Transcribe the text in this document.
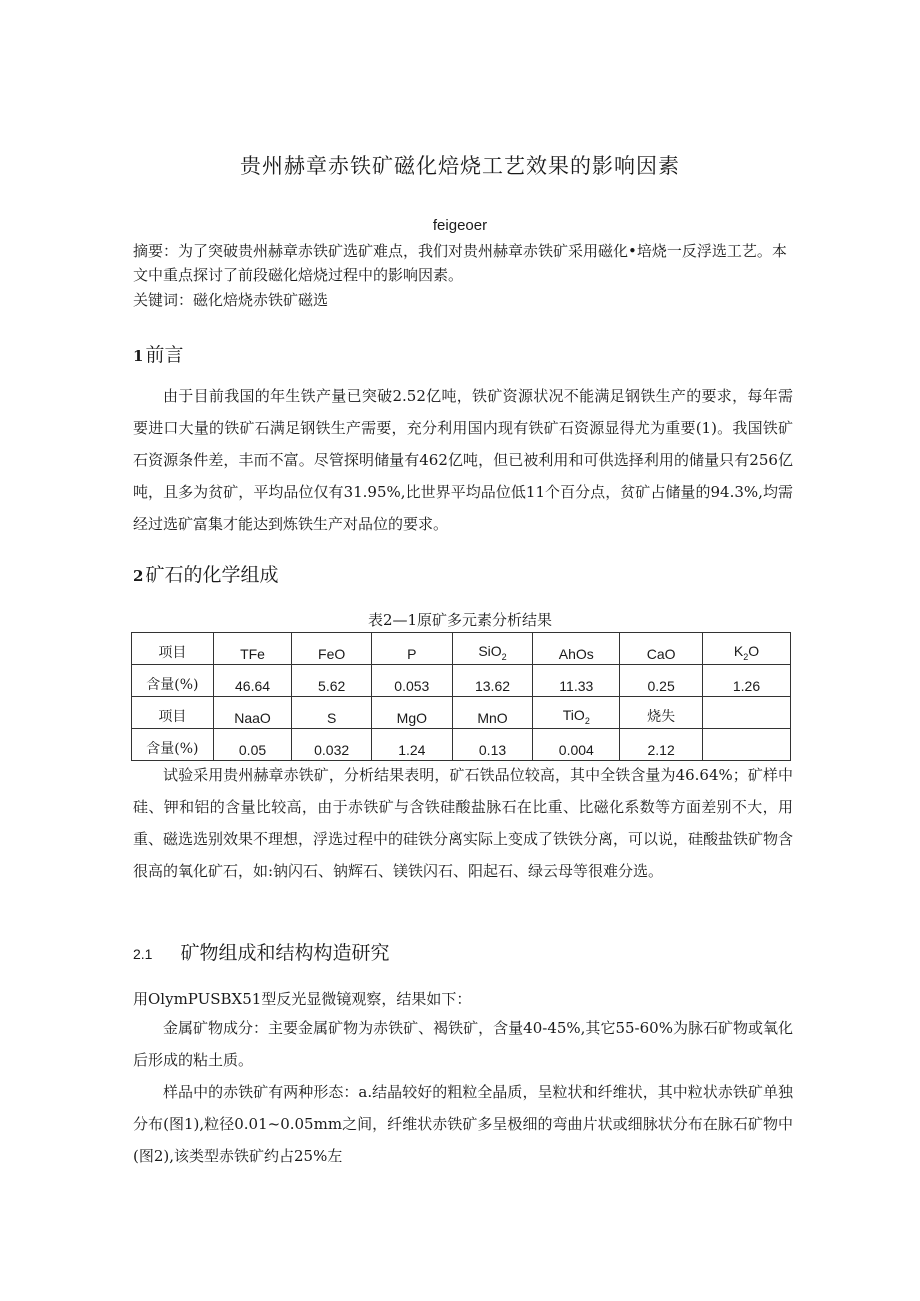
贵州赫章赤铁矿磁化焙烧工艺效果的影响因素
feigeoer
摘要：为了突破贵州赫章赤铁矿选矿难点，我们对贵州赫章赤铁矿采用磁化•培烧一反浮选工艺。本文中重点探讨了前段磁化焙烧过程中的影响因素。
关键词：磁化焙烧赤铁矿磁选
1 前言

由于目前我国的年生铁产量已突破2.52亿吨，铁矿资源状况不能满足钢铁生产的要求，每年需要进口大量的铁矿石满足钢铁生产需要，充分利用国内现有铁矿石资源显得尤为重要(1)。我国铁矿石资源条件差，丰而不富。尽管探明储量有462亿吨，但已被利用和可供选择利用的储量只有256亿吨，且多为贫矿，平均品位仅有31.95%,比世界平均品位低11个百分点，贫矿占储量的94.3%,均需经过选矿富集才能达到炼铁生产对品位的要求。

2 矿石的化学组成
表2—1原矿多元素分析结果
项目	TFe	FeO	P	SiO$_2$	AhOs	CaO	$K_2O$
含量(%)	46.64	5.62	0.053	13.62	11.33	0.25	1.26
项目	NaaO	S	MgO	MnO	TiO$_2$	烧失	
含量(%)	0.05	0.032	1.24	0.13	0.004	2.12	

试验采用贵州赫章赤铁矿，分析结果表明，矿石铁品位较高，其中全铁含量为46.64%；矿样中硅、钾和铝的含量比较高，由于赤铁矿与含铁硅酸盐脉石在比重、比磁化系数等方面差别不大，用重、磁选选别效果不理想，浮选过程中的硅铁分离实际上变成了铁铁分离，可以说，硅酸盐铁矿物含很高的氧化矿石，如:钠闪石、钠辉石、镁铁闪石、阳起石、绿云母等很难分选。

2.1 矿物组成和结构构造研究
用OlymPUSBX51型反光显微镜观察，结果如下：

金属矿物成分：主要金属矿物为赤铁矿、褐铁矿，含量40-45%,其它55-60%为脉石矿物或氧化后形成的粘土质。

样品中的赤铁矿有两种形态：a.结晶较好的粗粒全晶质，呈粒状和纤维状，其中粒状赤铁矿单独分布(图1),粒径0.01~0.05mm之间，纤维状赤铁矿多呈极细的弯曲片状或细脉状分布在脉石矿物中(图2),该类型赤铁矿约占25%左
